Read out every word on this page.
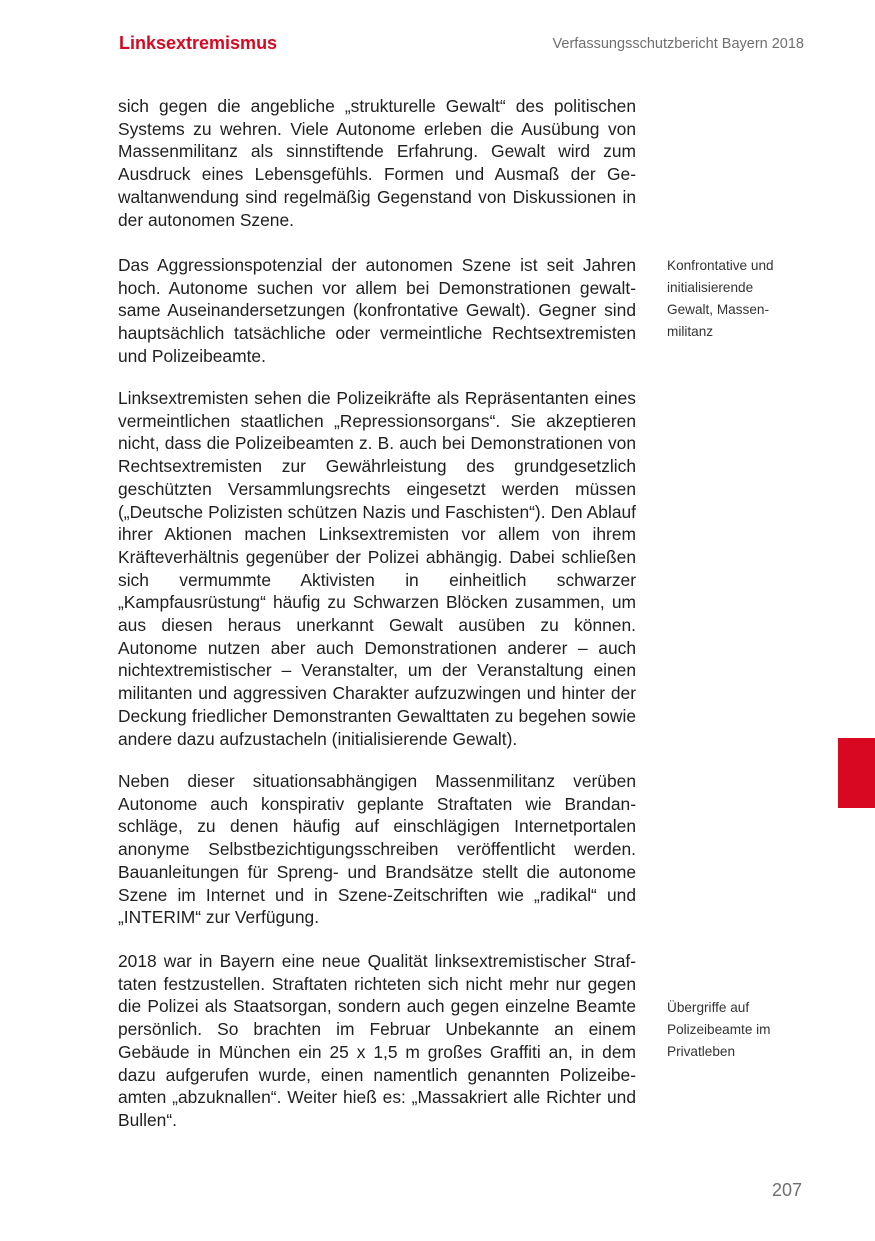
Linksextremismus	Verfassungsschutzbericht Bayern 2018

sich gegen die angebliche „strukturelle Gewalt“ des politischen Systems zu wehren. Viele Autonome erleben die Ausübung von Massenmilitanz als sinnstiftende Erfahrung. Gewalt wird zum Ausdruck eines Lebensgefühls. Formen und Ausmaß der Gewaltanwendung sind regelmäßig Gegenstand von Diskussionen in der autonomen Szene.

Das Aggressionspotenzial der autonomen Szene ist seit Jahren hoch. Autonome suchen vor allem bei Demonstrationen gewaltsame Auseinandersetzungen (konfrontative Gewalt). Gegner sind hauptsächlich tatsächliche oder vermeintliche Rechtsextremisten und Polizeibeamte.

Linksextremisten sehen die Polizeikräfte als Repräsentanten eines vermeintlichen staatlichen „Repressionsorgans“. Sie akzeptieren nicht, dass die Polizeibeamten z. B. auch bei Demonstrationen von Rechtsextremisten zur Gewährleistung des grundgesetzlich geschützten Versammlungsrechts eingesetzt werden müssen („Deutsche Polizisten schützen Nazis und Faschisten“). Den Ablauf ihrer Aktionen machen Linksextremisten vor allem von ihrem Kräfteverhältnis gegenüber der Polizei abhängig. Dabei schließen sich vermummte Aktivisten in einheitlich schwarzer „Kampfausrüstung“ häufig zu Schwarzen Blöcken zusammen, um aus diesen heraus unerkannt Gewalt ausüben zu können. Autonome nutzen aber auch Demonstrationen anderer – auch nichtextremistischer – Veranstalter, um der Veranstaltung einen militanten und aggressiven Charakter aufzuzwingen und hinter der Deckung friedlicher Demonstranten Gewalttaten zu begehen sowie andere dazu aufzustacheln (initialisierende Gewalt).

Neben dieser situationsabhängigen Massenmilitanz verüben Autonome auch konspirativ geplante Straftaten wie Brandanschläge, zu denen häufig auf einschlägigen Internetportalen anonyme Selbstbezichtigungsschreiben veröffentlicht werden. Bauanleitungen für Spreng- und Brandsätze stellt die autonome Szene im Internet und in Szene-Zeitschriften wie „radikal“ und „INTERIM“ zur Verfügung.

2018 war in Bayern eine neue Qualität linksextremistischer Straftaten festzustellen. Straftaten richteten sich nicht mehr nur gegen die Polizei als Staatsorgan, sondern auch gegen einzelne Beamte persönlich. So brachten im Februar Unbekannte an einem Gebäude in München ein 25 x 1,5 m großes Graffiti an, in dem dazu aufgerufen wurde, einen namentlich genannten Polizeibeamten „abzuknallen“. Weiter hieß es: „Massakriert alle Richter und Bullen“.

Konfrontative und
initialisierende
Gewalt, Massen-
militanz
Übergriffe auf
Polizeibeamte im
Privatleben
207
